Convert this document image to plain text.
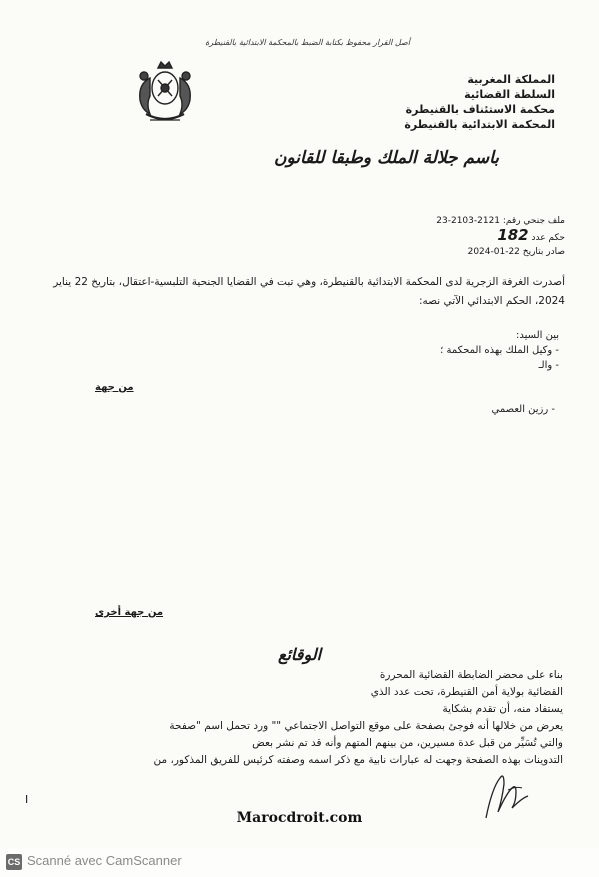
أصل القرار محفوظ بكتابة الضبط بالمحكمة الابتدائية بالقنيطرة
المملكة المغربية
السلطة القضائية
محكمة الاستئناف بالقنيطرة
المحكمة الابتدائية بالقنيطرة
باسم جلالة الملك وطبقا للقانون
ملف جنحي رقم: 2121-2103-23
حكم عدد 182
صادر بتاريخ 22-01-2024
أصدرت الغرفة الزجرية لدى المحكمة الابتدائية بالقنيطرة، وهي تبت في القضايا الجنحية التلبسية-اعتقال، بتاريخ 22 يناير 2024، الحكم الابتدائي الآتي نصه:
بين السيد:
- وكيل الملك بهذه المحكمة ؛
- والـ
من جهة
- رزين العصمي
من جهة أخرى
الوقائع

بناء على محضر الضابطة القضائية المحررة

القضائية بولاية أمن القنيطرة، تحت عدد الذي

يستفاد منه، أن تقدم بشكاية

يعرض من خلالها أنه فوجئ بصفحة على موقع التواصل الاجتماعي "" ورد تحمل اسم "صفحة

والتي تُسَيِّر من قبل عدة مسيرين، من بينهم المتهم وأنه قد تم نشر بعض

التدوينات بهذه الصفحة وجهت له عبارات نابية مع ذكر اسمه وصفته كرئيس للفريق المذكور، من

I
Marocdroit.com
CS Scanné avec CamScanner
